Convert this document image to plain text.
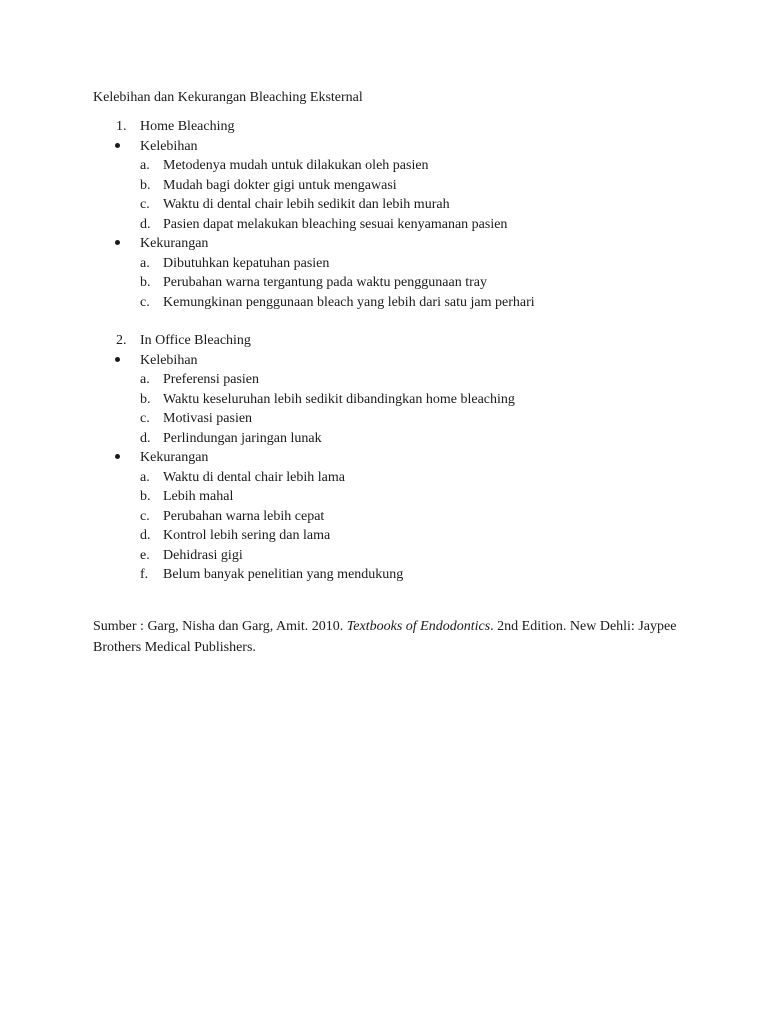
Kelebihan dan Kekurangan Bleaching Eksternal
1. Home Bleaching
Kelebihan
a. Metodenya mudah untuk dilakukan oleh pasien
b. Mudah bagi dokter gigi untuk mengawasi
c. Waktu di dental chair lebih sedikit dan lebih murah
d. Pasien dapat melakukan bleaching sesuai kenyamanan pasien
Kekurangan
a. Dibutuhkan kepatuhan pasien
b. Perubahan warna tergantung pada waktu penggunaan tray
c. Kemungkinan penggunaan bleach yang lebih dari satu jam perhari
2. In Office Bleaching
Kelebihan
a. Preferensi pasien
b. Waktu keseluruhan lebih sedikit dibandingkan home bleaching
c. Motivasi pasien
d. Perlindungan jaringan lunak
Kekurangan
a. Waktu di dental chair lebih lama
b. Lebih mahal
c. Perubahan warna lebih cepat
d. Kontrol lebih sering dan lama
e. Dehidrasi gigi
f.	Belum banyak penelitian yang mendukung
Sumber : Garg, Nisha dan Garg, Amit. 2010. Textbooks of Endodontics. 2nd Edition. New Dehli: Jaypee Brothers Medical Publishers.
